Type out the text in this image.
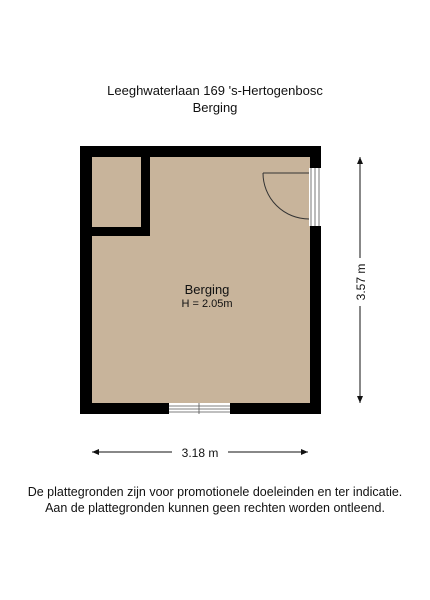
Leeghwaterlaan 169 's-Hertogenbosc
Berging
Berging
H = 2.05m
3.18 m
3.57 m
De plattegronden zijn voor promotionele doeleinden en ter indicatie.
Aan de plattegronden kunnen geen rechten worden ontleend.
